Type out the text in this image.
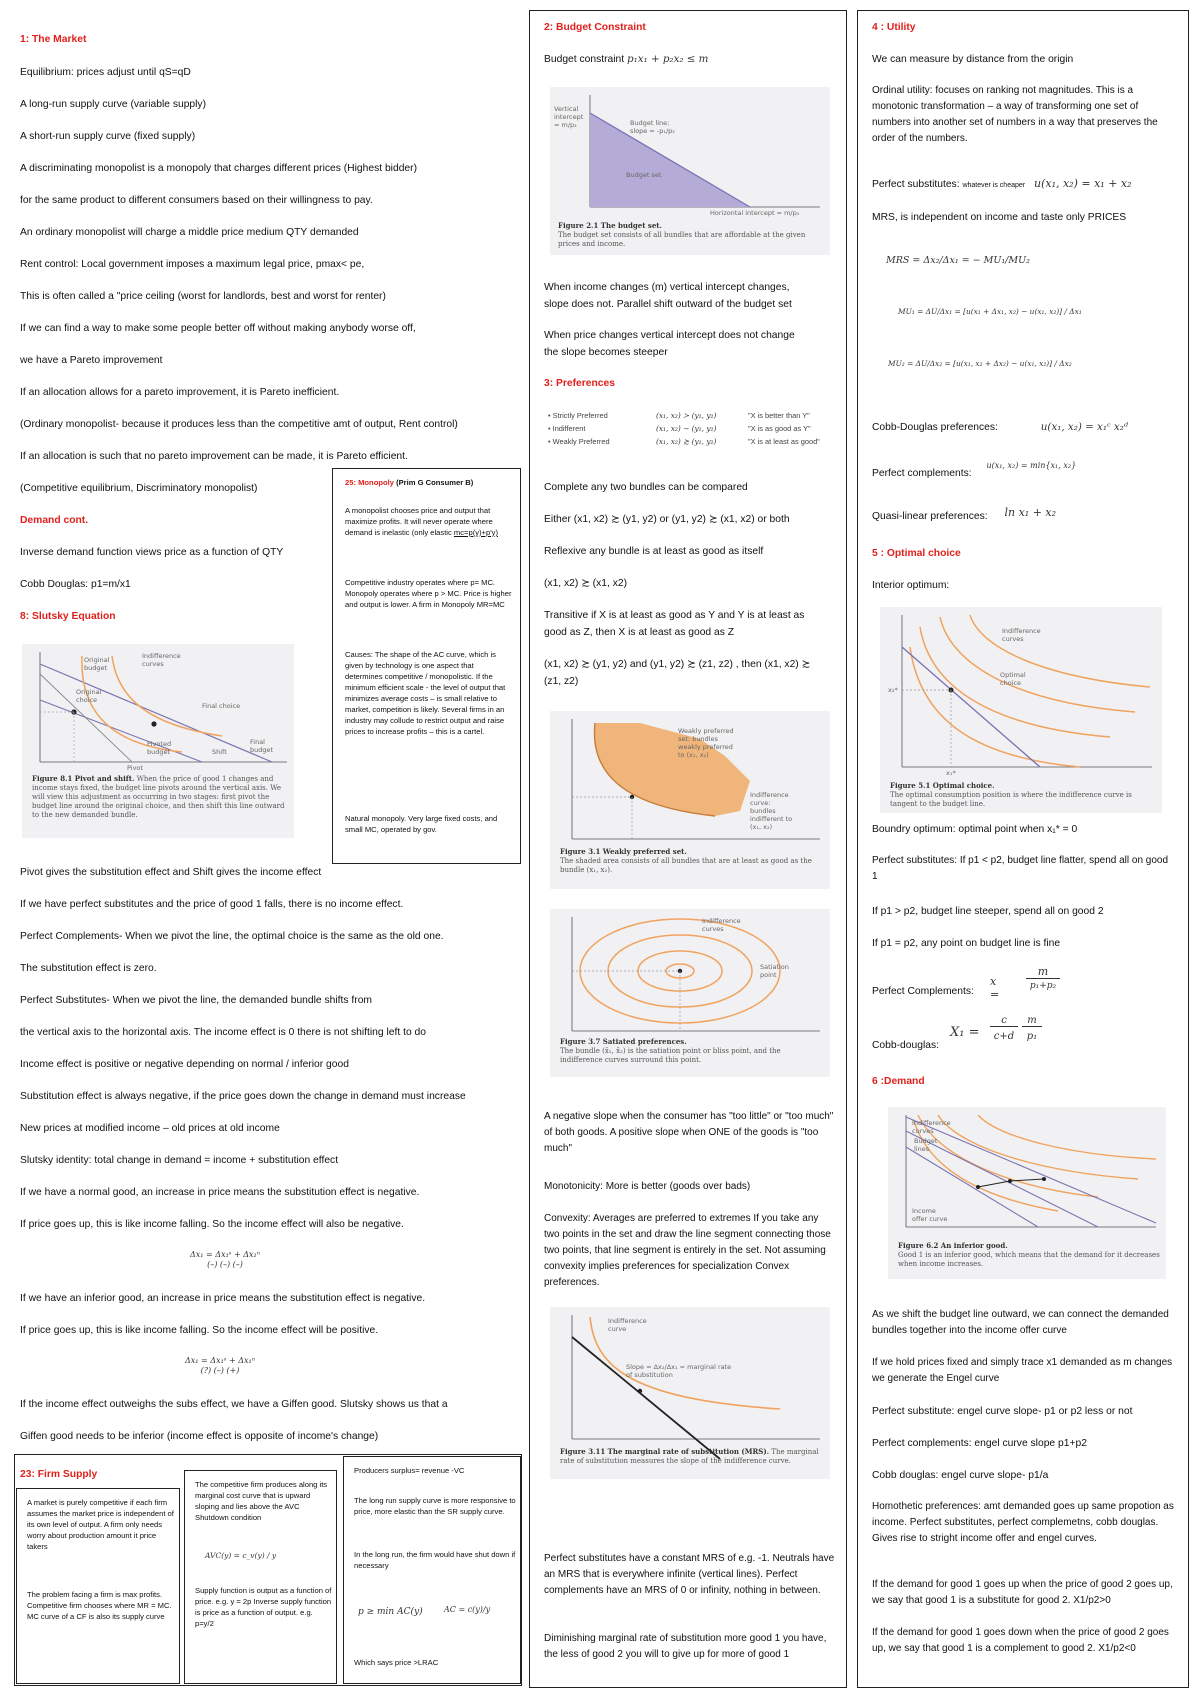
1: The Market
Equilibrium: prices adjust until qS=qD
A long-run supply curve (variable supply)
A short-run supply curve (fixed supply)
A discriminating monopolist is a monopoly that charges different prices (Highest bidder)
for the same product to different consumers based on their willingness to pay.
An ordinary monopolist will charge a middle price medium QTY demanded
Rent control: Local government imposes a maximum legal price, pmax< pe,
This is often called a "price ceiling (worst for landlords, best and worst for renter)
If we can find a way to make some people better off without making anybody worse off,
we have a Pareto improvement
If an allocation allows for a pareto improvement, it is Pareto inefficient.
(Ordinary monopolist- because it produces less than the competitive amt of output, Rent control)
If an allocation is such that no pareto improvement can be made, it is Pareto efficient.
(Competitive equilibrium, Discriminatory monopolist)
Demand cont.
Inverse demand function views price as a function of QTY
Cobb Douglas: p1=m/x1
8: Slutsky Equation
Original budget
Indifference curves
Original choice
Final choice
Pivoted budget
Final budget
Shift
Pivot
Figure 8.1 Pivot and shift. When the price of good 1 changes and income stays fixed, the budget line pivots around the vertical axis. We will view this adjustment as occurring in two stages: first pivot the budget line around the original choice, and then shift this line outward to the new demanded bundle.
Pivot gives the substitution effect and Shift gives the income effect
If we have perfect substitutes and the price of good 1 falls, there is no income effect.
Perfect Complements- When we pivot the line, the optimal choice is the same as the old one.
The substitution effect is zero.
Perfect Substitutes- When we pivot the line, the demanded bundle shifts from
the vertical axis to the horizontal axis. The income effect is 0 there is not shifting left to do
Income effect is positive or negative depending on normal / inferior good
Substitution effect is always negative, if the price goes down the change in demand must increase
New prices at modified income – old prices at old income
Slutsky identity: total change in demand = income + substitution effect
If we have a normal good, an increase in price means the substitution effect is negative.
If price goes up, this is like income falling. So the income effect will also be negative.
Δx₁ = Δx₁ˢ + Δx₁ⁿ
(–) (–) (–)
If we have an inferior good, an increase in price means the substitution effect is negative.
If price goes up, this is like income falling. So the income effect will be positive.
Δx₁ = Δx₁ˢ + Δx₁ⁿ
(?) (–) (+)
If the income effect outweighs the subs effect, we have a Giffen good. Slutsky shows us that a
Giffen good needs to be inferior (income effect is opposite of income's change)
25: Monopoly (Prim G Consumer B)
A monopolist chooses price and output that maximize profits. It will never operate where demand is inelastic (only elastic mc=p(y)+p'y)
Competitive industry operates where p= MC. Monopoly operates where p > MC. Price is higher and output is lower. A firm in Monopoly MR=MC
Causes: The shape of the AC curve, which is given by technology is one aspect that determines competitive / monopolistic. If the minimum efficient scale - the level of output that minimizes average costs – is small relative to market, competition is likely. Several firms in an industry may collude to restrict output and raise prices to increase profits – this is a cartel.
Natural monopoly. Very large fixed costs, and small MC, operated by gov.
23: Firm Supply
A market is purely competitive if each firm assumes the market price is independent of its own level of output. A firm only needs worry about production amount it price takers
The problem facing a firm is max profits. Competitive firm chooses where MR = MC. MC curve of a CF is also its supply curve
The competitive firm produces along its marginal cost curve that is upward sloping and lies above the AVC Shutdown condition
AVC(y) = c_v(y) / y
Supply function is output as a function of price. e.g. y = 2p Inverse supply function is price as a function of output. e.g. p=y/2
Producers surplus= revenue -VC
The long run supply curve is more responsive to price, more elastic than the SR supply curve.
In the long run, the firm would have shut down if necessary
p ≥ min AC(y)	AC = c(y)/y
Which says price >LRAC
2: Budget Constraint
Budget constraint p₁x₁ + p₂x₂ ≤ m
Vertical intercept = m/p₂	Budget line; slope = -p₁/p₂
Budget set
Horizontal intercept = m/p₁
Figure 2.1 The budget set.
The budget set consists of all bundles that are affordable at the given prices and income.
When income changes (m) vertical intercept changes,
slope does not. Parallel shift outward of the budget set
When price changes vertical intercept does not change
the slope becomes steeper
3: Preferences
• Strictly Preferred	(x₁, x₂) ≻ (y₁, y₂)	"X is better than Y"
• Indifferent	(x₁, x₂) ∼ (y₁, y₂)	"X is as good as Y"
• Weakly Preferred	(x₁, x₂) ≿ (y₁, y₂)	"X is at least as good"
Complete any two bundles can be compared
Either (x1, x2) ≿ (y1, y2) or (y1, y2) ≿ (x1, x2) or both
Reflexive any bundle is at least as good as itself
(x1, x2) ≿ (x1, x2)
Transitive if X is at least as good as Y and Y is at least as
good as Z, then X is at least as good as Z
(x1, x2) ≿ (y1, y2) and (y1, y2) ≿ (z1, z2) , then (x1, x2) ≿
(z1, z2)
Weakly preferred set: bundles weakly preferred to (x₁, x₂)
Indifference curve: bundles indifferent to (x₁, x₂)
Figure 3.1 Weakly preferred set.
The shaded area consists of all bundles that are at least as good as the bundle (x₁, x₂).
Indifference curves
Satiation point
Figure 3.7 Satiated preferences.
The bundle (x̄₁, x̄₂) is the satiation point or bliss point, and the indifference curves surround this point.
A negative slope when the consumer has "too little" or "too much" of both goods. A positive slope when ONE of the goods is "too much"
Monotonicity: More is better (goods over bads)
Convexity: Averages are preferred to extremes If you take any two points in the set and draw the line segment connecting those two points, that line segment is entirely in the set. Not assuming convexity implies preferences for specialization Convex preferences.
Indifference curve
Slope = Δx₂/Δx₁ = marginal rate of substitution
Figure 3.11 The marginal rate of substitution (MRS). The marginal rate of substitution measures the slope of the indifference curve.
Perfect substitutes have a constant MRS of e.g. -1. Neutrals have an MRS that is everywhere infinite (vertical lines). Perfect complements have an MRS of 0 or infinity, nothing in between.
Diminishing marginal rate of substitution more good 1 you have, the less of good 2 you will to give up for more of good 1
4 : Utility
We can measure by distance from the origin
Ordinal utility: focuses on ranking not magnitudes. This is a monotonic transformation – a way of transforming one set of numbers into another set of numbers in a way that preserves the order of the numbers.
Perfect substitutes: whatever is cheaper u(x₁, x₂) = x₁ + x₂
MRS, is independent on income and taste only PRICES
MRS = Δx₂/Δx₁ = − MU₁/MU₂
MU₁ = ΔU/Δx₁ = [u(x₁ + Δx₁, x₂) − u(x₁, x₂)] / Δx₁
MU₂ = ΔU/Δx₂ = [u(x₁, x₂ + Δx₂) − u(x₁, x₂)] / Δx₂
Cobb-Douglas preferences:	u(x₁, x₂) = x₁ᶜ x₂ᵈ
Perfect complements: $^{u(x_1, x_2) = min\{x_1, x_2\}}$
Quasi-linear preferences: ln x₁ + x₂
5 : Optimal choice
Interior optimum:
Indifference curves
Optimal choice
x₁*
x₂*
Figure 5.1 Optimal choice.
The optimal consumption position is where the indifference curve is tangent to the budget line.
Boundry optimum: optimal point when x₁* = 0
Perfect substitutes: If p1 < p2, budget line flatter, spend all on good 1
If p1 > p2, budget line steeper, spend all on good 2
If p1 = p2, any point on budget line is fine
Perfect Complements:
x =
m
p₁+p₂
Cobb-douglas:
X₁ =
c
c+d
m
p₁
6 :Demand
Indifference curves
Budget lines
Income offer curve
Figure 6.2 An inferior good.
Good 1 is an inferior good, which means that the demand for it decreases when income increases.
As we shift the budget line outward, we can connect the demanded bundles together into the income offer curve
If we hold prices fixed and simply trace x1 demanded as m changes we generate the Engel curve
Perfect substitute: engel curve slope- p1 or p2 less or not
Perfect complements: engel curve slope p1+p2
Cobb douglas: engel curve slope- p1/a
Homothetic preferences: amt demanded goes up same propotion as income. Perfect substitutes, perfect complemetns, cobb douglas. Gives rise to stright income offer and engel curves.
If the demand for good 1 goes up when the price of good 2 goes up, we say that good 1 is a substitute for good 2. X1/p2>0
If the demand for good 1 goes down when the price of good 2 goes up, we say that good 1 is a complement to good 2. X1/p2<0
